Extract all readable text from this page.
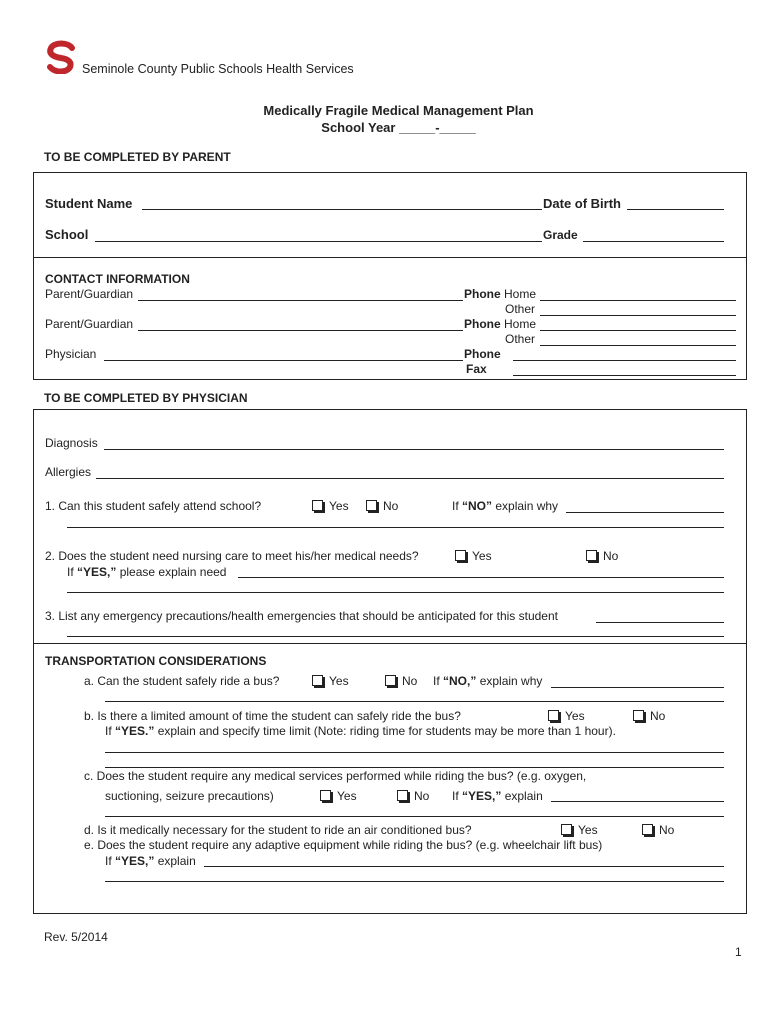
Seminole County Public Schools Health Services
Medically Fragile Medical Management Plan
School Year _____-_____
TO BE COMPLETED BY PARENT
Student Name	Date of Birth
School	Grade
CONTACT INFORMATION
Parent/Guardian	Phone Home
Other
Parent/Guardian	Phone Home
Other
Physician	Phone
Fax
TO BE COMPLETED BY PHYSICIAN
Diagnosis
Allergies
1. Can this student safely attend school?	Yes	No	If “NO” explain why
2. Does the student need nursing care to meet his/her medical needs?	Yes	No
If “YES,” please explain need
3. List any emergency precautions/health emergencies that should be anticipated for this student
TRANSPORTATION CONSIDERATIONS
a. Can the student safely ride a bus?	Yes	No If “NO,” explain why
b. Is there a limited amount of time the student can safely ride the bus?	Yes	No
If “YES.” explain and specify time limit (Note: riding time for students may be more than 1 hour).
c. Does the student require any medical services performed while riding the bus? (e.g. oxygen,
suctioning, seizure precautions)	Yes	No If “YES,” explain
d. Is it medically necessary for the student to ride an air conditioned bus?	Yes	No
e. Does the student require any adaptive equipment while riding the bus? (e.g. wheelchair lift bus)
If “YES,” explain
Rev. 5/2014
1
